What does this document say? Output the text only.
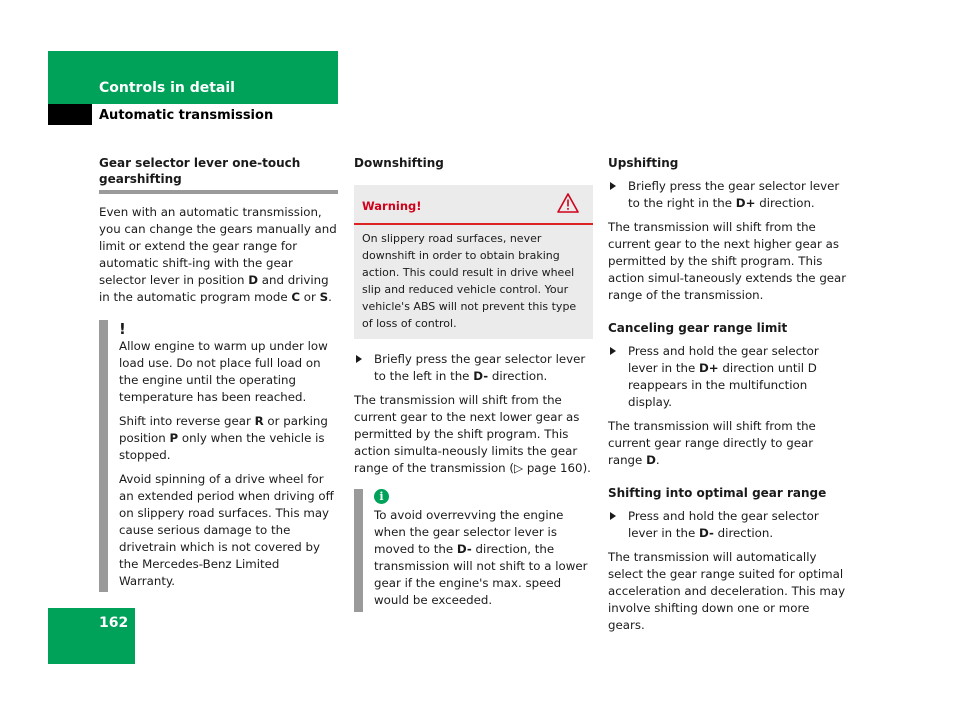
Controls in detail
Automatic transmission

Gear selector lever one-touch gearshifting

Even with an automatic transmission, you can change the gears manually and limit or extend the gear range for automatic shift-ing with the gear selector lever in position D and driving in the automatic program mode C or S.

!

Allow engine to warm up under low load use. Do not place full load on the engine until the operating temperature has been reached.

Shift into reverse gear R or parking position P only when the vehicle is stopped.

Avoid spinning of a drive wheel for an extended period when driving off on slippery road surfaces. This may cause serious damage to the drivetrain which is not covered by the Mercedes-Benz Limited Warranty.

Downshifting

Warning!
On slippery road surfaces, never downshift in order to obtain braking action. This could result in drive wheel slip and reduced vehicle control. Your vehicle's ABS will not prevent this type of loss of control.
Briefly press the gear selector lever to the left in the D- direction.

The transmission will shift from the current gear to the next lower gear as permitted by the shift program. This action simulta-neously limits the gear range of the transmission (▷ page 160).

i

To avoid overrevving the engine when the gear selector lever is moved to the D- direction, the transmission will not shift to a lower gear if the engine's max. speed would be exceeded.

Upshifting

Briefly press the gear selector lever to the right in the D+ direction.

The transmission will shift from the current gear to the next higher gear as permitted by the shift program. This action simul-taneously extends the gear range of the transmission.

Canceling gear range limit

Press and hold the gear selector lever in the D+ direction until D reappears in the multifunction display.

The transmission will shift from the current gear range directly to gear range D.

Shifting into optimal gear range

Press and hold the gear selector lever in the D- direction.

The transmission will automatically select the gear range suited for optimal acceleration and deceleration. This may involve shifting down one or more gears.

162
